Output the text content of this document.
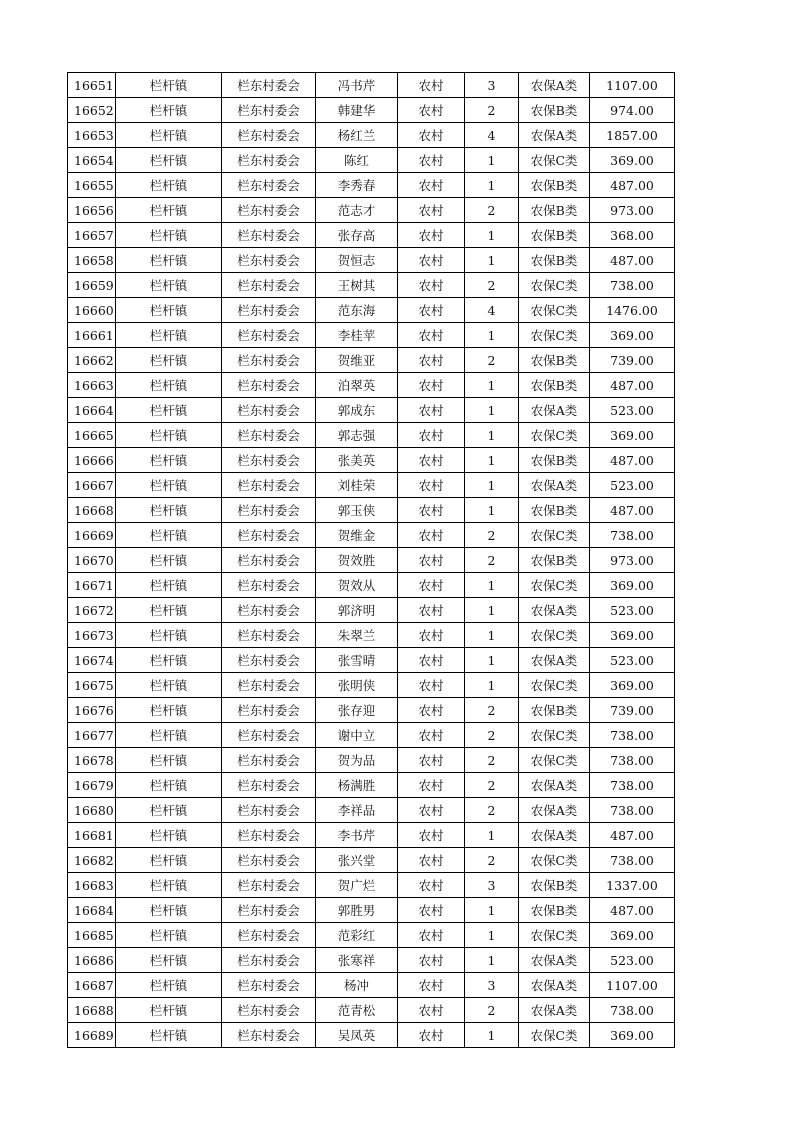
16651	栏杆镇	栏东村委会	冯书芹	农村	3	农保A类	1107.00
16652	栏杆镇	栏东村委会	韩建华	农村	2	农保B类	974.00
16653	栏杆镇	栏东村委会	杨红兰	农村	4	农保A类	1857.00
16654	栏杆镇	栏东村委会	陈红	农村	1	农保C类	369.00
16655	栏杆镇	栏东村委会	李秀春	农村	1	农保B类	487.00
16656	栏杆镇	栏东村委会	范志才	农村	2	农保B类	973.00
16657	栏杆镇	栏东村委会	张存高	农村	1	农保B类	368.00
16658	栏杆镇	栏东村委会	贺恒志	农村	1	农保B类	487.00
16659	栏杆镇	栏东村委会	王树其	农村	2	农保C类	738.00
16660	栏杆镇	栏东村委会	范东海	农村	4	农保C类	1476.00
16661	栏杆镇	栏东村委会	李桂苹	农村	1	农保C类	369.00
16662	栏杆镇	栏东村委会	贺维亚	农村	2	农保B类	739.00
16663	栏杆镇	栏东村委会	泊翠英	农村	1	农保B类	487.00
16664	栏杆镇	栏东村委会	郭成东	农村	1	农保A类	523.00
16665	栏杆镇	栏东村委会	郭志强	农村	1	农保C类	369.00
16666	栏杆镇	栏东村委会	张美英	农村	1	农保B类	487.00
16667	栏杆镇	栏东村委会	刘桂荣	农村	1	农保A类	523.00
16668	栏杆镇	栏东村委会	郭玉侠	农村	1	农保B类	487.00
16669	栏杆镇	栏东村委会	贺维金	农村	2	农保C类	738.00
16670	栏杆镇	栏东村委会	贺效胜	农村	2	农保B类	973.00
16671	栏杆镇	栏东村委会	贺效从	农村	1	农保C类	369.00
16672	栏杆镇	栏东村委会	郭济明	农村	1	农保A类	523.00
16673	栏杆镇	栏东村委会	朱翠兰	农村	1	农保C类	369.00
16674	栏杆镇	栏东村委会	张雪晴	农村	1	农保A类	523.00
16675	栏杆镇	栏东村委会	张明侠	农村	1	农保C类	369.00
16676	栏杆镇	栏东村委会	张存迎	农村	2	农保B类	739.00
16677	栏杆镇	栏东村委会	谢中立	农村	2	农保C类	738.00
16678	栏杆镇	栏东村委会	贺为品	农村	2	农保C类	738.00
16679	栏杆镇	栏东村委会	杨满胜	农村	2	农保A类	738.00
16680	栏杆镇	栏东村委会	李祥品	农村	2	农保A类	738.00
16681	栏杆镇	栏东村委会	李书芹	农村	1	农保A类	487.00
16682	栏杆镇	栏东村委会	张兴堂	农村	2	农保C类	738.00
16683	栏杆镇	栏东村委会	贺广烂	农村	3	农保B类	1337.00
16684	栏杆镇	栏东村委会	郭胜男	农村	1	农保B类	487.00
16685	栏杆镇	栏东村委会	范彩红	农村	1	农保C类	369.00
16686	栏杆镇	栏东村委会	张寒祥	农村	1	农保A类	523.00
16687	栏杆镇	栏东村委会	杨冲	农村	3	农保A类	1107.00
16688	栏杆镇	栏东村委会	范青松	农村	2	农保A类	738.00
16689	栏杆镇	栏东村委会	吴凤英	农村	1	农保C类	369.00
